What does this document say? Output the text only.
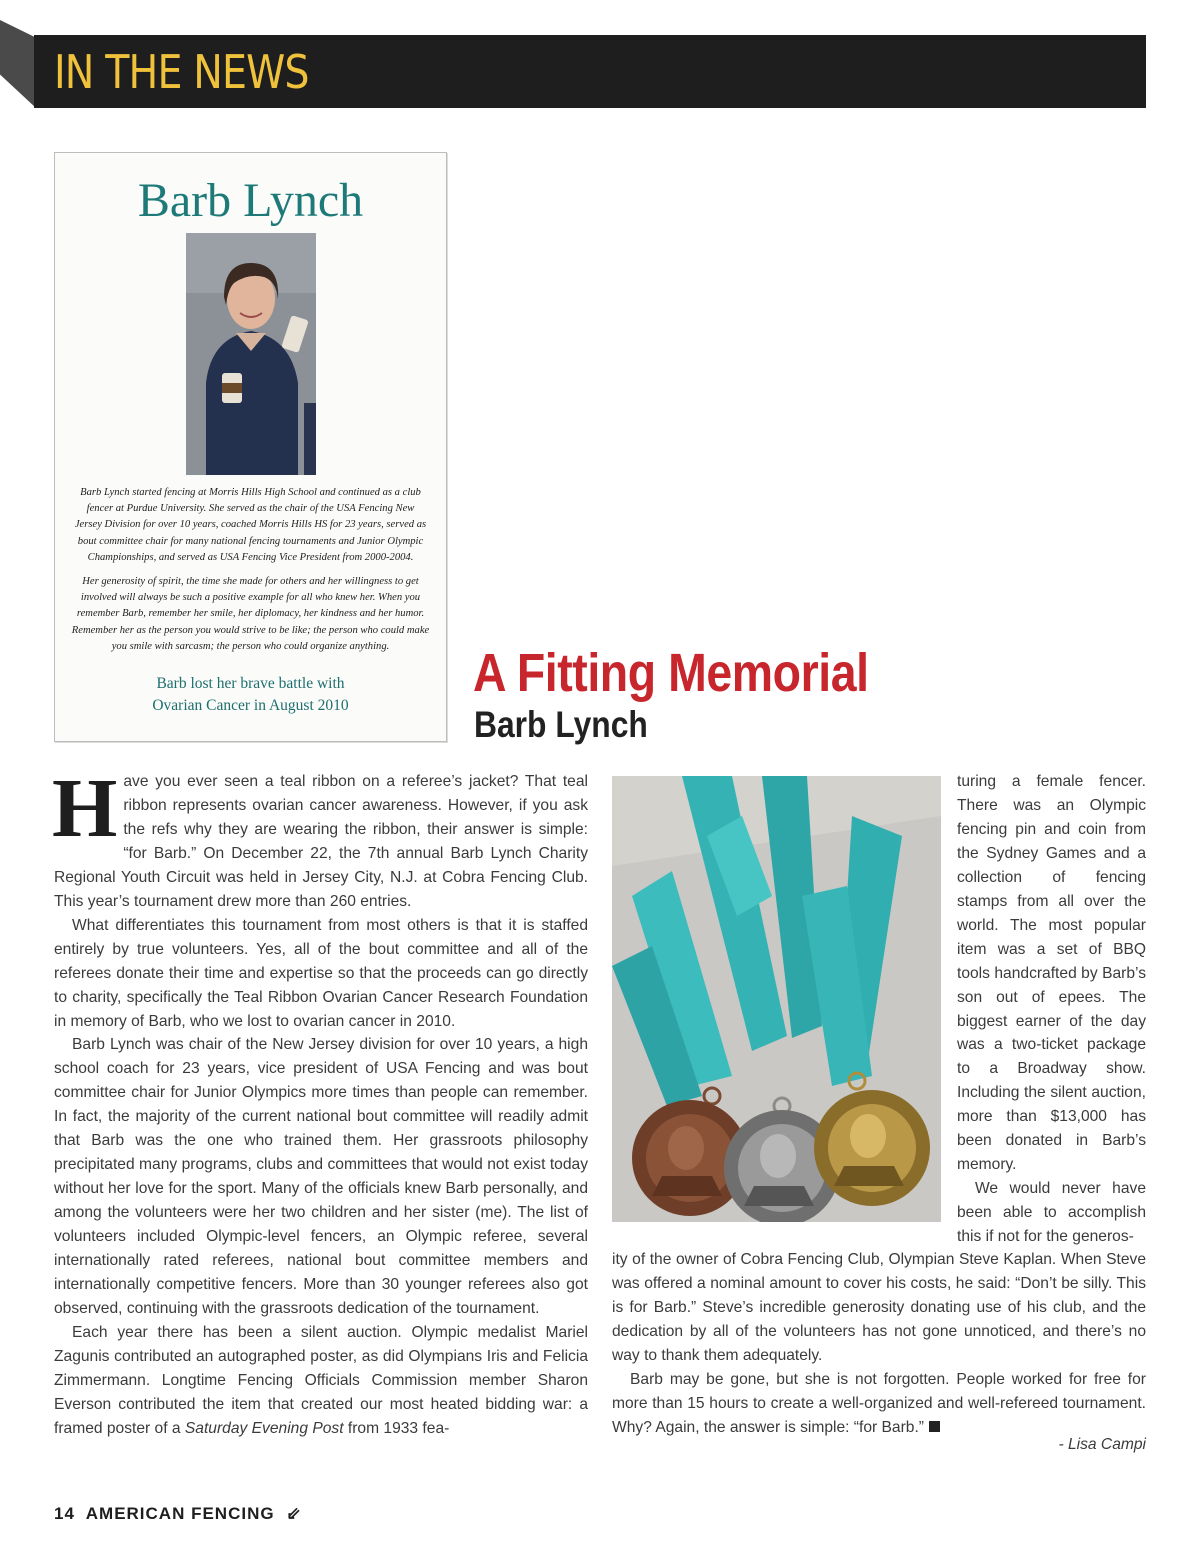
IN THE NEWS
Barb Lynch

Barb Lynch started fencing at Morris Hills High School and continued as a club
fencer at Purdue University. She served as the chair of the USA Fencing New
Jersey Division for over 10 years, coached Morris Hills HS for 23 years, served as
bout committee chair for many national fencing tournaments and Junior Olympic
Championships, and served as USA Fencing Vice President from 2000-2004.

Her generosity of spirit, the time she made for others and her willingness to get
involved will always be such a positive example for all who knew her. When you
remember Barb, remember her smile, her diplomacy, her kindness and her humor.
Remember her as the person you would strive to be like; the person who could make
you smile with sarcasm; the person who could organize anything.

Barb lost her brave battle with
Ovarian Cancer in August 2010
A Fitting Memorial
Barb Lynch

Have you ever seen a teal ribbon on a referee’s jacket? That teal ribbon represents ovarian cancer awareness. However, if you ask the refs why they are wearing the ribbon, their answer is simple: “for Barb.” On December 22, the 7th annual Barb Lynch Charity Regional Youth Circuit was held in Jersey City, N.J. at Cobra Fencing Club. This year’s tournament drew more than 260 entries.

What differentiates this tournament from most others is that it is staffed entirely by true volunteers. Yes, all of the bout committee and all of the referees donate their time and expertise so that the proceeds can go directly to charity, specifically the Teal Ribbon Ovarian Cancer Research Foundation in memory of Barb, who we lost to ovarian cancer in 2010.

Barb Lynch was chair of the New Jersey division for over 10 years, a high school coach for 23 years, vice president of USA Fencing and was bout committee chair for Junior Olympics more times than people can remember. In fact, the majority of the current national bout committee will readily admit that Barb was the one who trained them. Her grassroots philosophy precipitated many programs, clubs and committees that would not exist today without her love for the sport. Many of the officials knew Barb personally, and among the volunteers were her two children and her sister (me). The list of volunteers included Olympic-level fencers, an Olympic referee, several internationally rated referees, national bout committee members and internationally competitive fencers. More than 30 younger referees also got observed, continuing with the grassroots dedication of the tournament.

Each year there has been a silent auction. Olympic medalist Mariel Zagunis contributed an autographed poster, as did Olympians Iris and Felicia Zimmermann. Longtime Fencing Officials Commission member Sharon Everson contributed the item that created our most heated bidding war: a framed poster of a Saturday Evening Post from 1933 fea-

turing a female fencer. There was an Olympic fencing pin and coin from the Sydney Games and a collection of fencing stamps from all over the world. The most popular item was a set of BBQ tools handcrafted by Barb’s son out of epees. The biggest earner of the day was a two-ticket package to a Broadway show. Including the silent auction, more than $13,000 has been donated in Barb’s memory.

We would never have been able to accomplish this if not for the generos-

ity of the owner of Cobra Fencing Club, Olympian Steve Kaplan. When Steve was offered a nominal amount to cover his costs, he said: “Don’t be silly. This is for Barb.” Steve’s incredible generosity donating use of his club, and the dedication by all of the volunteers has not gone unnoticed, and there’s no way to thank them adequately.

Barb may be gone, but she is not forgotten. People worked for free for more than 15 hours to create a well-organized and well-refereed tournament. Why? Again, the answer is simple: “for Barb.”

- Lisa Campi
14 AMERICAN FENCING ⇙
